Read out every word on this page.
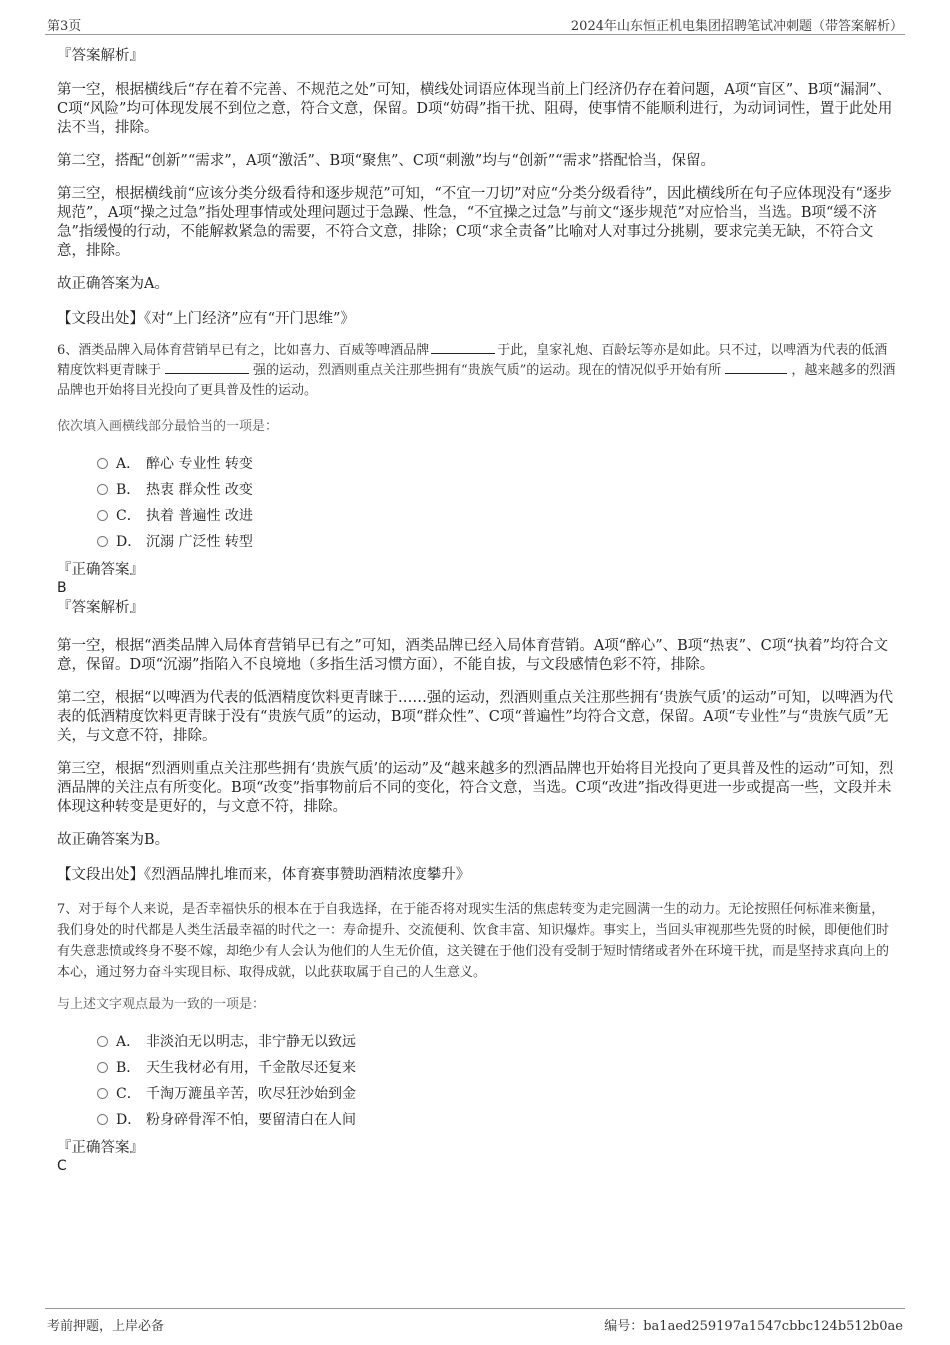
第3页	2024年山东恒正机电集团招聘笔试冲刺题（带答案解析）
『答案解析』

第一空，根据横线后“存在着不完善、不规范之处”可知，横线处词语应体现当前上门经济仍存在着问题，A项“盲区”、B项“漏洞”、C项“风险”均可体现发展不到位之意，符合文意，保留。D项“妨碍”指干扰、阻碍，使事情不能顺利进行，为动词词性，置于此处用法不当，排除。

第二空，搭配“创新”“需求”，A项“激活”、B项“聚焦”、C项“刺激”均与“创新”“需求”搭配恰当，保留。

第三空，根据横线前“应该分类分级看待和逐步规范”可知，“不宜一刀切”对应“分类分级看待”，因此横线所在句子应体现没有“逐步规范”，A项“操之过急”指处理事情或处理问题过于急躁、性急，“不宜操之过急”与前文“逐步规范”对应恰当，当选。B项“缓不济急”指缓慢的行动，不能解救紧急的需要，不符合文意，排除；C项“求全责备”比喻对人对事过分挑剔，要求完美无缺，不符合文意，排除。

故正确答案为A。

【文段出处】《对“上门经济”应有“开门思维”》

6、酒类品牌入局体育营销早已有之，比如喜力、百威等啤酒品牌	于此，皇家礼炮、百龄坛等亦是如此。只不过，以啤酒为代表的低酒精度饮料更青睐于	强的运动，烈酒则重点关注那些拥有“贵族气质”的运动。现在的情况似乎开始有所	，越来越多的烈酒品牌也开始将目光投向了更具普及性的运动。

依次填入画横线部分最恰当的一项是：
A． 醉心 专业性 转变
B． 热衷 群众性 改变
C． 执着 普遍性 改进
D． 沉溺 广泛性 转型
『正确答案』
B
『答案解析』

第一空，根据“酒类品牌入局体育营销早已有之”可知，酒类品牌已经入局体育营销。A项“醉心”、B项“热衷”、C项“执着”均符合文意，保留。D项“沉溺”指陷入不良境地（多指生活习惯方面），不能自拔，与文段感情色彩不符，排除。

第二空，根据“以啤酒为代表的低酒精度饮料更青睐于……强的运动，烈酒则重点关注那些拥有‘贵族气质’的运动”可知，以啤酒为代表的低酒精度饮料更青睐于没有“贵族气质”的运动，B项“群众性”、C项“普遍性”均符合文意，保留。A项“专业性”与“贵族气质”无关，与文意不符，排除。

第三空，根据“烈酒则重点关注那些拥有‘贵族气质’的运动”及“越来越多的烈酒品牌也开始将目光投向了更具普及性的运动”可知，烈酒品牌的关注点有所变化。B项“改变”指事物前后不同的变化，符合文意，当选。C项“改进”指改得更进一步或提高一些，文段并未体现这种转变是更好的，与文意不符，排除。

故正确答案为B。

【文段出处】《烈酒品牌扎堆而来，体育赛事赞助酒精浓度攀升》

7、对于每个人来说，是否幸福快乐的根本在于自我选择，在于能否将对现实生活的焦虑转变为走完圆满一生的动力。无论按照任何标准来衡量，我们身处的时代都是人类生活最幸福的时代之一：寿命提升、交流便利、饮食丰富、知识爆炸。事实上，当回头审视那些先贤的时候，即便他们时有失意悲愤或终身不娶不嫁，却绝少有人会认为他们的人生无价值，这关键在于他们没有受制于短时情绪或者外在环境干扰，而是坚持求真向上的本心，通过努力奋斗实现目标、取得成就，以此获取属于自己的人生意义。

与上述文字观点最为一致的一项是：
A． 非淡泊无以明志，非宁静无以致远
B． 天生我材必有用，千金散尽还复来
C． 千淘万漉虽辛苦，吹尽狂沙始到金
D． 粉身碎骨浑不怕，要留清白在人间
『正确答案』
C
考前押题，上岸必备	编号：ba1aed259197a1547cbbc124b512b0ae
